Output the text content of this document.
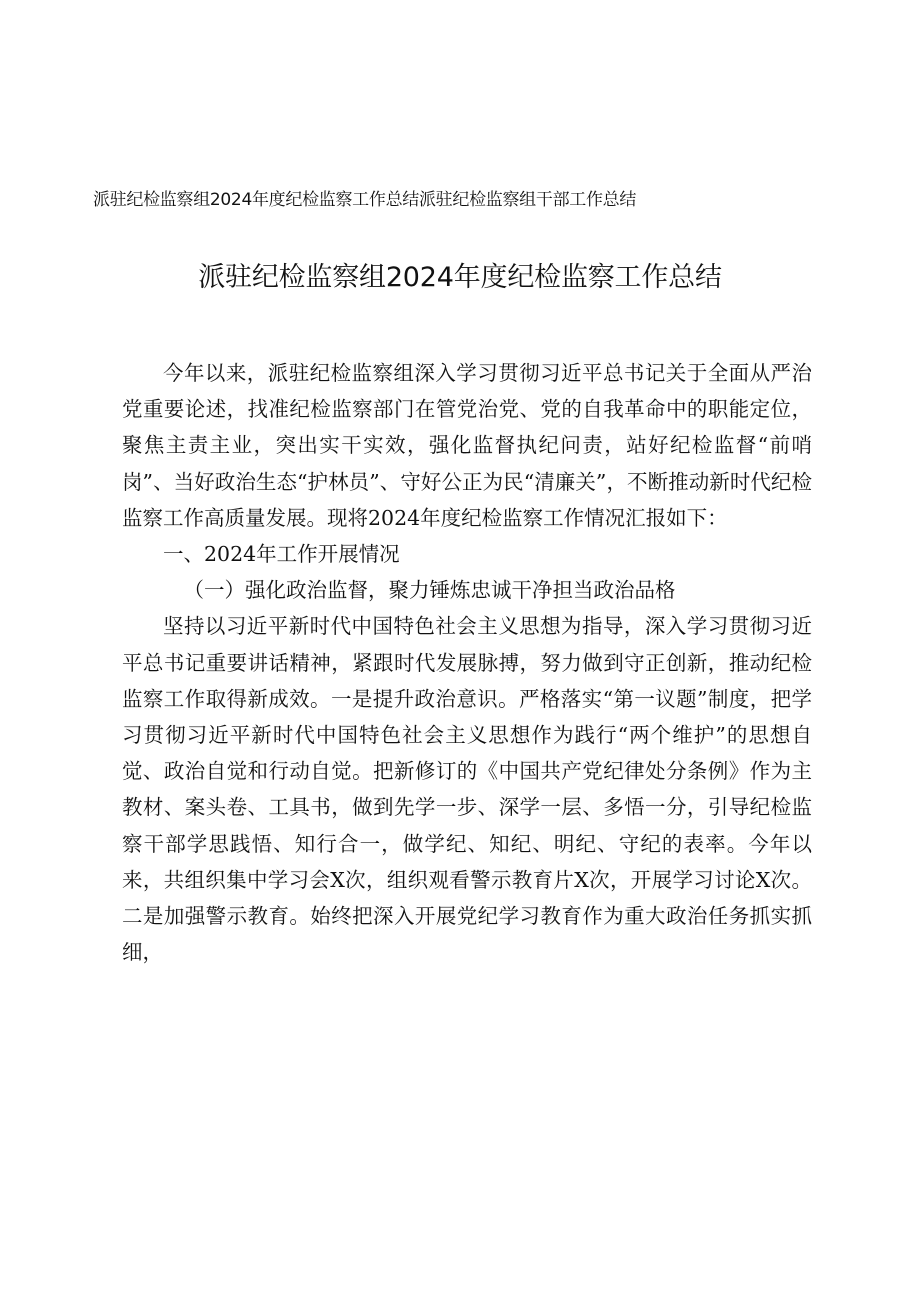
派驻纪检监察组2024年度纪检监察工作总结派驻纪检监察组干部工作总结
派驻纪检监察组2024年度纪检监察工作总结

今年以来，派驻纪检监察组深入学习贯彻习近平总书记关于全面从严治党重要论述，找准纪检监察部门在管党治党、党的自我革命中的职能定位，聚焦主责主业，突出实干实效，强化监督执纪问责，站好纪检监督“前哨岗”、当好政治生态“护林员”、守好公正为民“清廉关”，不断推动新时代纪检监察工作高质量发展。现将2024年度纪检监察工作情况汇报如下：

一、2024年工作开展情况

（一）强化政治监督，聚力锤炼忠诚干净担当政治品格

坚持以习近平新时代中国特色社会主义思想为指导，深入学习贯彻习近平总书记重要讲话精神，紧跟时代发展脉搏，努力做到守正创新，推动纪检监察工作取得新成效。一是提升政治意识。严格落实“第一议题”制度，把学习贯彻习近平新时代中国特色社会主义思想作为践行“两个维护”的思想自觉、政治自觉和行动自觉。把新修订的《中国共产党纪律处分条例》作为主教材、案头卷、工具书，做到先学一步、深学一层、多悟一分，引导纪检监察干部学思践悟、知行合一，做学纪、知纪、明纪、守纪的表率。今年以来，共组织集中学习会X次，组织观看警示教育片X次，开展学习讨论X次。二是加强警示教育。始终把深入开展党纪学习教育作为重大政治任务抓实抓细，
